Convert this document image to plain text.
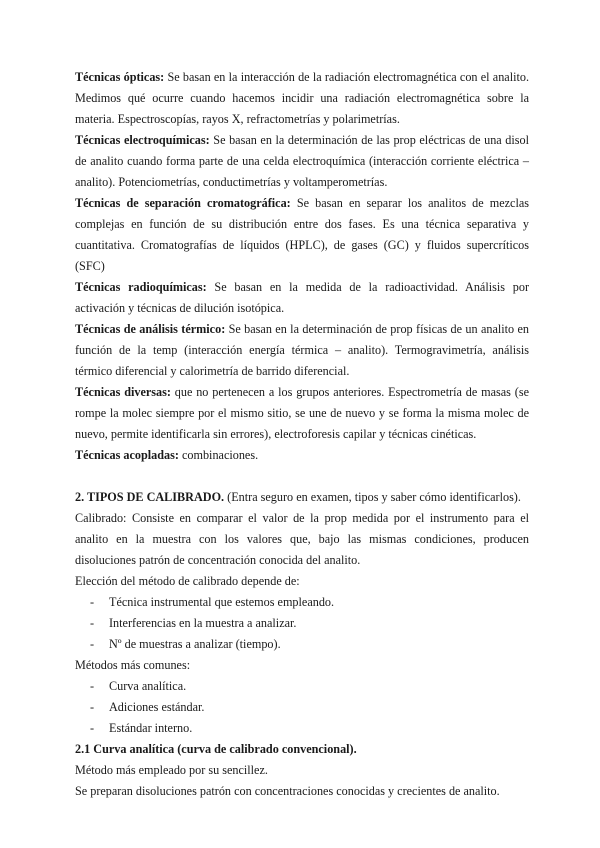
Técnicas ópticas: Se basan en la interacción de la radiación electromagnética con el analito. Medimos qué ocurre cuando hacemos incidir una radiación electromagnética sobre la materia. Espectroscopías, rayos X, refractometrías y polarimetrías.

Técnicas electroquímicas: Se basan en la determinación de las prop eléctricas de una disol de analito cuando forma parte de una celda electroquímica (interacción corriente eléctrica – analito). Potenciometrías, conductimetrías y voltamperometrías.

Técnicas de separación cromatográfica: Se basan en separar los analitos de mezclas complejas en función de su distribución entre dos fases. Es una técnica separativa y cuantitativa. Cromatografías de líquidos (HPLC), de gases (GC) y fluidos supercríticos (SFC)

Técnicas radioquímicas: Se basan en la medida de la radioactividad. Análisis por activación y técnicas de dilución isotópica.

Técnicas de análisis térmico: Se basan en la determinación de prop físicas de un analito en función de la temp (interacción energía térmica – analito). Termogravimetría, análisis térmico diferencial y calorimetría de barrido diferencial.

Técnicas diversas: que no pertenecen a los grupos anteriores. Espectrometría de masas (se rompe la molec siempre por el mismo sitio, se une de nuevo y se forma la misma molec de nuevo, permite identificarla sin errores), electroforesis capilar y técnicas cinéticas.

Técnicas acopladas: combinaciones.

2. TIPOS DE CALIBRADO. (Entra seguro en examen, tipos y saber cómo identificarlos).

Calibrado: Consiste en comparar el valor de la prop medida por el instrumento para el analito en la muestra con los valores que, bajo las mismas condiciones, producen disoluciones patrón de concentración conocida del analito.

Elección del método de calibrado depende de:

-	Técnica instrumental que estemos empleando.
-	Interferencias en la muestra a analizar.
-	Nº de muestras a analizar (tiempo).

Métodos más comunes:

-	Curva analítica.
-	Adiciones estándar.
-	Estándar interno.
2.1 Curva analítica (curva de calibrado convencional).

Método más empleado por su sencillez.

Se preparan disoluciones patrón con concentraciones conocidas y crecientes de analito.
